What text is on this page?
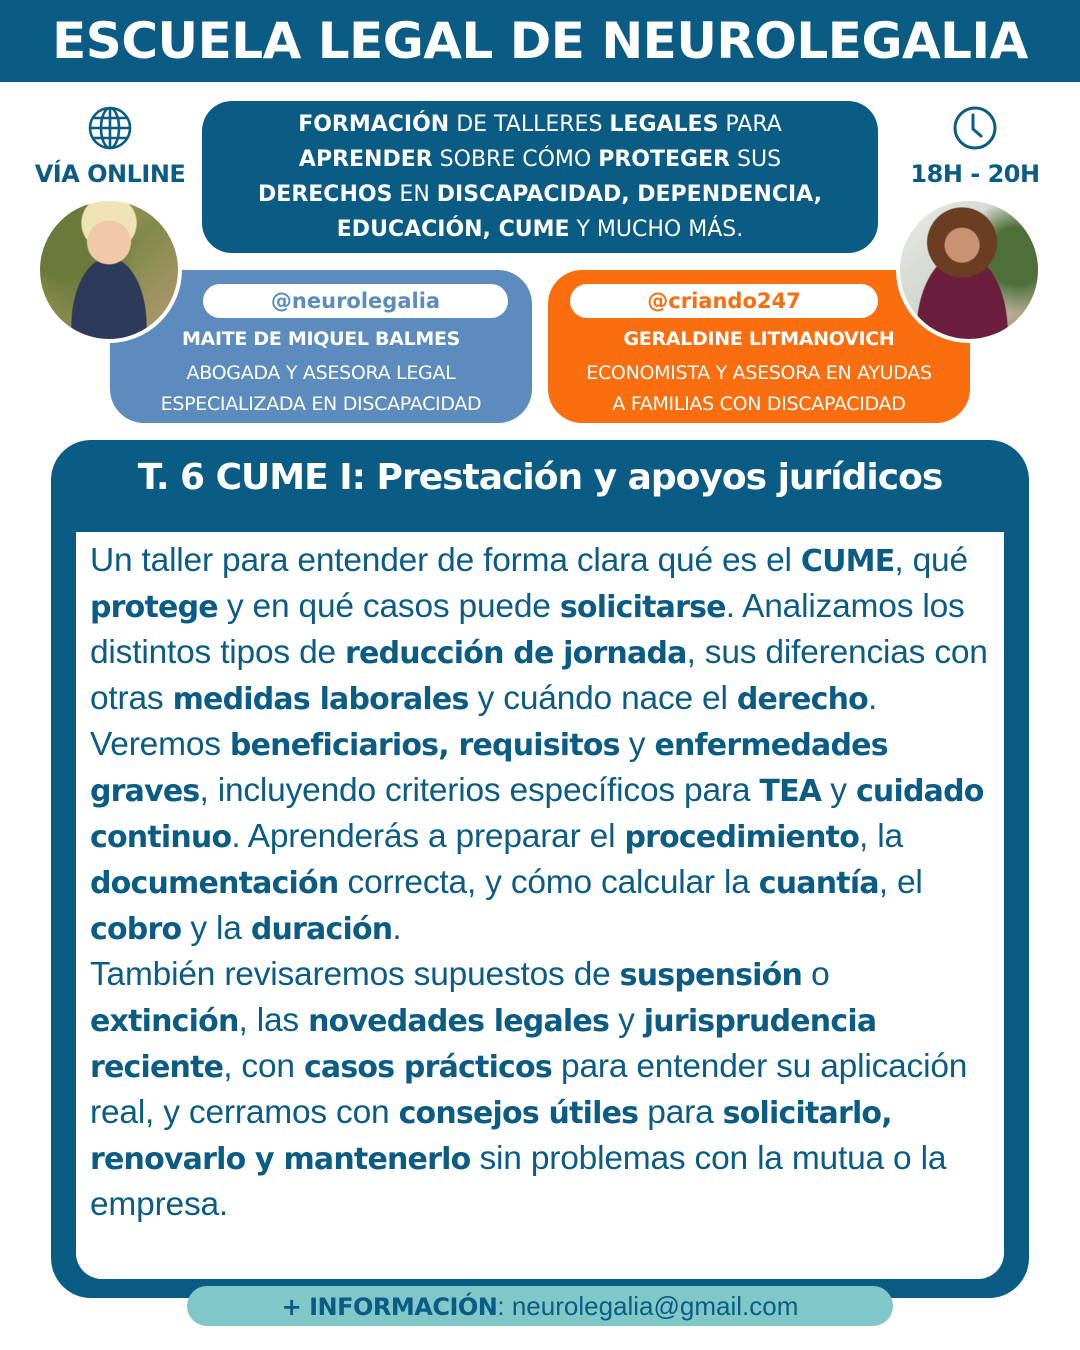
ESCUELA LEGAL DE NEUROLEGALIA
VÍA ONLINE	18H - 20H
FORMACIÓN DE TALLERES LEGALES PARA APRENDER SOBRE CÓMO PROTEGER SUS DERECHOS EN DISCAPACIDAD, DEPENDENCIA, EDUCACIÓN, CUME Y MUCHO MÁS.
@neurolegalia
MAITE DE MIQUEL BALMES
ABOGADA Y ASESORA LEGAL
ESPECIALIZADA EN DISCAPACIDAD
@criando247
GERALDINE LITMANOVICH
ECONOMISTA Y ASESORA EN AYUDAS
A FAMILIAS CON DISCAPACIDAD
T. 6 CUME I: Prestación y apoyos jurídicos

Un taller para entender de forma clara qué es el CUME, qué protege y en qué casos puede solicitarse. Analizamos los distintos tipos de reducción de jornada, sus diferencias con otras medidas laborales y cuándo nace el derecho.

Veremos beneficiarios, requisitos y enfermedades graves, incluyendo criterios específicos para TEA y cuidado continuo. Aprenderás a preparar el procedimiento, la documentación correcta, y cómo calcular la cuantía, el cobro y la duración.

También revisaremos supuestos de suspensión o extinción, las novedades legales y jurisprudencia reciente, con casos prácticos para entender su aplicación real, y cerramos con consejos útiles para solicitarlo, renovarlo y mantenerlo sin problemas con la mutua o la empresa.

+ INFORMACIÓN: neurolegalia@gmail.com
